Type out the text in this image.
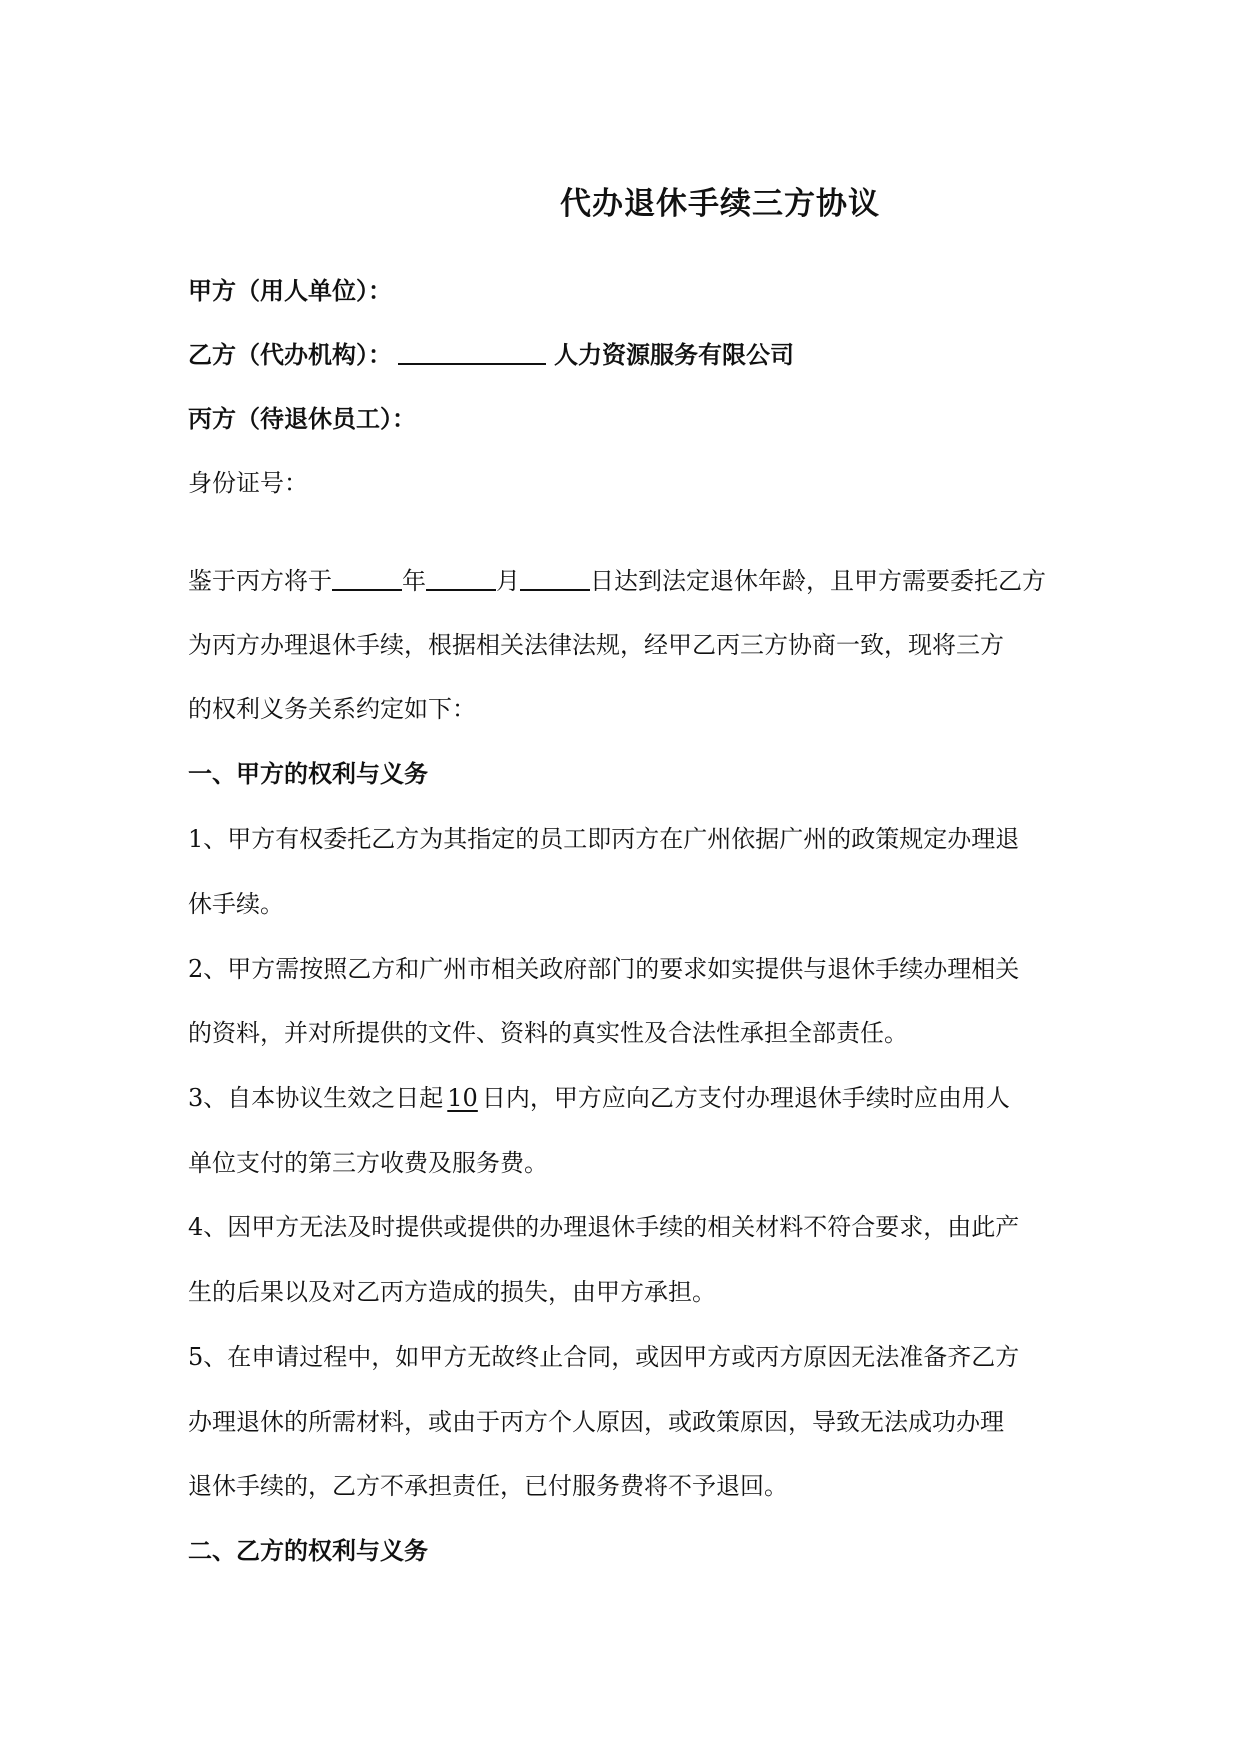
代办退休手续三方协议
甲方（用人单位）：
乙方（代办机构）：	人力资源服务有限公司
丙方（待退休员工）：
身份证号：
鉴于丙方将于	年	月	日达到法定退休年龄，且甲方需要委托乙方
为丙方办理退休手续，根据相关法律法规，经甲乙丙三方协商一致，现将三方
的权利义务关系约定如下：
一、甲方的权利与义务
1、甲方有权委托乙方为其指定的员工即丙方在广州依据广州的政策规定办理退
休手续。
2、甲方需按照乙方和广州市相关政府部门的要求如实提供与退休手续办理相关
的资料，并对所提供的文件、资料的真实性及合法性承担全部责任。
3、自本协议生效之日起 10 日内，甲方应向乙方支付办理退休手续时应由用人
单位支付的第三方收费及服务费。
4、因甲方无法及时提供或提供的办理退休手续的相关材料不符合要求，由此产
生的后果以及对乙丙方造成的损失，由甲方承担。
5、在申请过程中，如甲方无故终止合同，或因甲方或丙方原因无法准备齐乙方
办理退休的所需材料，或由于丙方个人原因，或政策原因，导致无法成功办理
退休手续的，乙方不承担责任，已付服务费将不予退回。
二、乙方的权利与义务
